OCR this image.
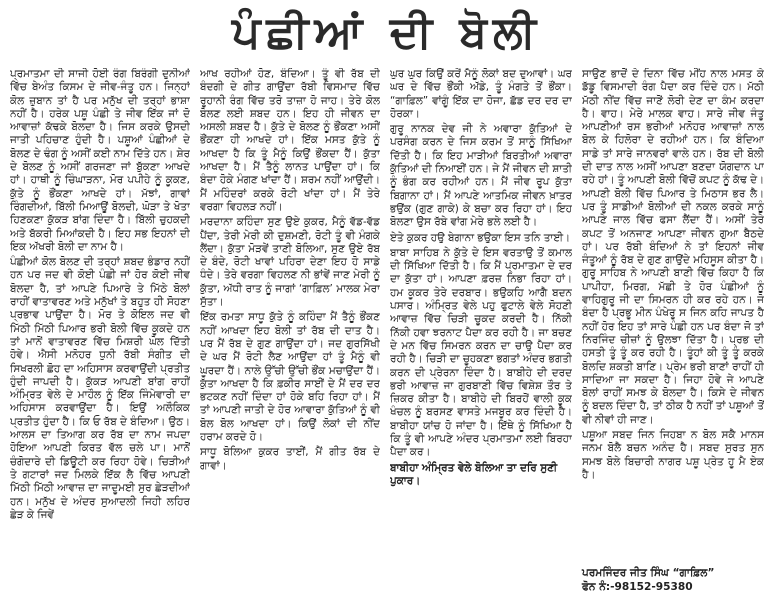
ਪੰਛੀਆਂ ਦੀ ਬੋਲੀ

ਪ੍ਰਮਾਤਮਾ ਦੀ ਸਾਜੀ ਹੋਈ ਰੰਗ ਬਿਰੰਗੀ ਦੁਨੀਆਂ ਵਿੱਚ ਬੇਅੰਤ ਕਿਸਮ ਦੇ ਜੀਵ-ਜੰਤੂ ਹਨ। ਜਿਨ੍ਹਾਂ ਕੋਲ ਜ਼ੁਬਾਨ ਤਾਂ ਹੈ ਪਰ ਮਨੁੱਖ ਦੀ ਤਰ੍ਹਾਂ ਭਾਸ਼ਾ ਨਹੀਂ ਹੈ। ਹਰੇਕ ਪਸ਼ੂ ਪੰਛੀ ਤੇ ਜੀਵ ਇੱਕ ਜਾਂ ਦੋ ਆਵਾਜ਼ਾਂ ਕੱਢਕੇ ਬੋਲਦਾ ਹੈ। ਜਿਸ ਕਰਕੇ ਉਸਦੀ ਜਾਤੀ ਪਹਿਚਾਣ ਹੁੰਦੀ ਹੈ। ਪਸ਼ੂਆਂ ਪੰਛੀਆਂ ਦੇ ਬੋਲਣ ਦੇ ਢੰਗ ਨੂੰ ਅਸੀਂ ਕਈ ਨਾਮ ਦਿੱਤੇ ਹਨ। ਸ਼ੇਰ ਦੇ ਬੋਲਣ ਨੂੰ ਅਸੀਂ ਗਰਜਣਾ ਜਾਂ ਬੁੱਕਣਾ ਆਖਦੇ ਹਾਂ। ਹਾਥੀ ਨੂੰ ਚਿੰਘਾੜਨਾ, ਮੋਰ ਪਪੀਹੇ ਨੂੰ ਕੂਕਣ, ਕੁੱਤੇ ਨੂੰ ਭੌਂਕਣਾ ਆਖਦੇ ਹਾਂ। ਮੱਝਾਂ, ਗਾਵਾਂ ਰਿੰਗਦੀਆਂ, ਬਿੱਲੀ ਮਿਆਊਂ ਬੋਲਦੀ, ਘੋੜਾ ਤੇ ਖੋਤਾ ਹਿਣਕਣਾ ਕੁੱਕੜ ਬਾਂਗ ਦਿੰਦਾ ਹੈ। ਬਿੱਲੀ ਚੁਹਕਦੀ ਅਤੇ ਬੱਕਰੀ ਮਿਆਂਕਦੀ ਹੈ। ਇਹ ਸਭ ਇਹਨਾਂ ਦੀ ਇਕ ਅੱਖਰੀ ਬੋਲੀ ਦਾ ਨਾਮ ਹੈ।

ਪੰਛੀਆਂ ਕੋਲ ਬੋਲਣ ਦੀ ਤਰ੍ਹਾਂ ਸ਼ਬਦ ਭੰਡਾਰ ਨਹੀਂ ਹਨ ਪਰ ਜਦ ਵੀ ਕੋਈ ਪੰਛੀ ਜਾਂ ਹੋਰ ਕੋਈ ਜੀਵ ਬੋਲਦਾ ਹੈ, ਤਾਂ ਆਪਣੇ ਪਿਆਰੇ ਤੇ ਮਿੱਠੇ ਬੋਲਾਂ ਰਾਹੀਂ ਵਾਤਾਵਰਣ ਅਤੇ ਮਨੁੱਖਾਂ ਤੇ ਬਹੁਤ ਹੀ ਸੋਹਣਾ ਪ੍ਰਭਾਵ ਪਾਉਂਦਾ ਹੈ। ਮੋਰ ਤੇ ਕੋਇਲ ਜਦ ਵੀ ਮਿੱਠੀ ਮਿੱਠੀ ਪਿਆਰ ਭਰੀ ਬੋਲੀ ਵਿੱਚ ਕੂਕਦੇ ਹਨ ਤਾਂ ਮਾਨੋਂ ਵਾਤਾਵਰਣ ਵਿੱਚ ਮਿਸ਼ਰੀ ਘੋਲ ਦਿੱਤੀ ਹੋਵੇ। ਐਸੀ ਮਨੋਹਰ ਧੁਨੀ ਰੱਬੀ ਸੰਗੀਤ ਦੀ ਸਿਖਰਲੀ ਛੋਹ ਦਾ ਅਹਿਸਾਸ ਕਰਵਾਉਂਦੀ ਪ੍ਰਤੀਤ ਹੁੰਦੀ ਜਾਪਦੀ ਹੈ। ਕੁੱਕੜ ਆਪਣੀ ਬਾਂਗ ਰਾਹੀਂ ਅੰਮ੍ਰਿਤ ਵੇਲੇ ਦੇ ਮਾਹੌਲ ਨੂੰ ਇੱਕ ਜਿੰਮੇਵਾਰੀ ਦਾ ਅਹਿਸਾਸ ਕਰਵਾਉਂਦਾ ਹੈ। ਇਉਂ ਅਲੌਕਿਕ ਪ੍ਰਤੀਤ ਹੁੰਦਾ ਹੈ। ਕਿ ਓ ਰੱਬ ਦੇ ਬੰਦਿਆ। ਉਠ। ਆਲਸ ਦਾ ਤਿਆਗ ਕਰ ਰੱਬ ਦਾ ਨਾਮ ਜਪਦਾ ਹੋਇਆ ਆਪਣੀ ਕਿਰਤ ਵੱਲ ਚਲੇ ਪਾ। ਮਾਨੋਂ ਚੰਗੋਦਾਰੇ ਦੀ ਡਿਊਟੀ ਕਰ ਰਿਹਾ ਹੋਵੇ। ਚਿੜੀਆਂ ਤੇ ਗਟਾਰਾਂ ਜਦ ਮਿਲਕੇ ਇੱਕ ਲੈ ਵਿੱਚ ਆਪਣੀ ਮਿੱਠੀ ਮਿੱਠੀ ਆਵਾਜ਼ ਦਾ ਜਾਦੂਮਈ ਸੁਰ ਛੇੜਦੀਆਂ ਹਨ। ਮਨੁੱਖ ਦੇ ਅੰਦਰ ਸੁਆਦਲੀ ਜਿਹੀ ਲਹਿਰ ਛੇੜ ਕੇ ਜਿਵੇਂ

ਆਖ ਰਹੀਆਂ ਹੋਣ, ਬੰਦਿਆ। ਤੂੰ ਵੀ ਰੱਬ ਦੀ ਬੰਦਗੀ ਦੇ ਗੀਤ ਗਾਉਂਦਾ ਰੱਬੀ ਵਿਸਮਾਦ ਵਿੱਚ ਰੂਹਾਨੀ ਰੰਗ ਵਿੱਚ ਤਰੋ ਤਾਜ਼ਾ ਹੋ ਜਾਹ। ਤੇਰੇ ਕੋਲ ਬੋਲਣ ਲਈ ਸ਼ਬਦ ਹਨ। ਇਹ ਹੀ ਜੀਵਨ ਦਾ ਅਸਲੀ ਸ਼ਬਦ ਹੈ। ਕੁੱਤੇ ਦੇ ਬੋਲਣ ਨੂੰ ਭੌਂਕਣਾ ਅਸੀਂ ਭੌਂਕਣਾ ਹੀ ਆਖਦੇ ਹਾਂ। ਇੱਕ ਮਸਤ ਕੁੱਤੇ ਨੂੰ ਆਖਦਾ ਹੈ ਕਿ ਤੂੰ ਮੈਨੂੰ ਕਿਉਂ ਭੌਂਕਦਾ ਹੈਂ। ਕੁੱਤਾ ਆਖਦਾ ਹੈ। ਮੈਂ ਤੈਨੂੰ ਲਾਨਤ ਪਾਉਂਦਾ ਹਾਂ। ਕਿ ਬੰਦਾ ਹੋਕੇ ਮੰਗਣ ਖਾਂਦਾ ਹੈਂ। ਸ਼ਰਮ ਨਹੀਂ ਆਉਂਦੀ। ਮੈਂ ਮਹਿੰਦਰਾਂ ਕਰਕੇ ਰੋਟੀ ਖਾਂਦਾ ਹਾਂ। ਮੈਂ ਤੇਰੇ ਵਰਗਾ ਵਿਹਲੜ ਨਹੀਂ।

ਮਰਦਾਨਾ ਕਹਿੰਦਾ ਸੁਣ ਉਏ ਕੁਕਰ, ਮੈਨੂੰ ਵੱਡ-ਵੱਡ ਪੈਂਦਾ, ਤੇਰੀ ਮੇਰੀ ਕੀ ਦੁਸ਼ਮਣੀ, ਰੋਟੀ ਤੂੰ ਵੀ ਮੰਗਕੇ ਲੈਂਦਾ। ਕੁੱਤਾ ਮੋੜਵੇਂ ਤਾਣੀ ਬੋਲਿਆ, ਸੁਣ ਉਏ ਰੱਬ ਦੇ ਬੰਦੇ, ਰੋਟੀ ਖਾਵਾਂ ਪਹਿਰਾ ਦੇਣਾ ਇਹ ਹੋ ਸਾਡੇ ਧੰਦੇ। ਤੇਰੇ ਵਰਗਾ ਵਿਹਲਣ ਨੀ ਭਾਂਵੇਂ ਜਾਣ ਮੇਰੀ ਨੂੰ ਕੁੱਤਾ, ਅੱਧੀ ਰਾਤ ਨੂੰ ਜਾਗਾਂ ‘ਗਾਫ਼ਿਲ’ ਮਾਲਕ ਮੇਰਾ ਸੁੱਤਾ।

ਇੱਕ ਰਮਤਾ ਸਾਧੂ ਕੁੱਤੇ ਨੂੰ ਕਹਿੰਦਾ ਮੈਂ ਤੈਨੂੰ ਭੌਂਕਣ ਨਹੀਂ ਆਖਦਾ ਇਹ ਬੋਲੀ ਤਾਂ ਰੱਬ ਦੀ ਦਾਤ ਹੈ। ਪਰ ਮੈਂ ਰੱਬ ਦੇ ਗੁਣ ਗਾਉਂਦਾ ਹਾਂ। ਜਦ ਗੁਰਸਿੱਖੀ ਦੇ ਘਰ ਮੈਂ ਰੋਟੀ ਲੈਣ ਆਉਂਦਾ ਹਾਂ ਤੂੰ ਮੈਨੂੰ ਵੀ ਘੂਰਦਾ ਹੈਂ। ਨਾਲੇ ਉੱਚੀ ਉੱਚੀ ਭੌਂਕ ਮਚਾਉਂਦਾ ਹੈਂ। ਕੁੱਤਾ ਆਖਦਾ ਹੈ ਕਿ ਫ਼ਕੀਰ ਸਾਈਂ ਦੇ ਮੈਂ ਦਰ ਦਰ ਭਟਕਣ ਨਹੀਂ ਦਿੰਦਾ ਹਾਂ ਹੋਕੇ ਬਹਿ ਰਿਹਾ ਹਾਂ। ਮੈਂ ਤਾਂ ਆਪਣੀ ਜਾਤੀ ਦੇ ਹੋਰ ਆਵਾਰਾ ਕੁੱਤਿਆਂ ਨੂੰ ਵੀ ਬੋਲ ਬੋਲ ਆਖਦਾ ਹਾਂ। ਕਿਉਂ ਲੋਕਾਂ ਦੀ ਨੀਂਦ ਹਰਾਮ ਕਰਦੇ ਹੋ।

ਸਾਧੂ ਬੋਲਿਆ ਕੁਕਰ ਤਾਈਂ, ਮੈਂ ਗੀਤ ਰੱਬ ਦੇ ਗਾਵਾਂ।

ਘੁਰ ਘੁਰ ਕਿਉਂ ਕਰੇਂ ਮੈਨੂੰ ਲੋਕਾਂ ਬਦ ਦੁਆਵਾਂ। ਘਰ ਘਰ ਦੇ ਵਿੱਚ ਭੌਂਕੀ ਅੱਡੇ, ਤੂੰ ਮੰਗਤੇ ਤੋਂ ਭੌਂਕਾ। “ਗਾਫ਼ਿਲ” ਵਾਂਗੂੰ ਇੱਕ ਦਾ ਹੋਜਾ, ਛੱਡ ਦਰ ਦਰ ਦਾ ਹੋਰਕਾ।

ਗੁਰੂ ਨਾਨਕ ਦੇਵ ਜੀ ਨੇ ਅਵਾਰਾ ਕੁੱਤਿਆਂ ਦੇ ਪਰਸੰਗ ਕਰਨ ਦੇ ਜਿਸ ਕਰਮ ਤੋਂ ਸਾਨੂੰ ਸਿੱਖਿਆ ਦਿੱਤੀ ਹੈ। ਕਿ ਇਹ ਮਾੜੀਆਂ ਬਿਰਤੀਆਂ ਅਵਾਰਾ ਕੁੱਤਿਆਂ ਦੀ ਨਿਆਈਂ ਹਨ। ਜੇ ਮੈਂ ਜੀਵਨ ਦੀ ਸ਼ਾਤੀ ਨੂੰ ਭੰਗ ਕਰ ਰਹੀਆਂ ਹਨ। ਮੈਂ ਜੀਵ ਰੂਪ ਕੁੱਤਾ ਬਿਗਾਨਾ ਹਾਂ। ਮੈਂ ਆਪਣੇ ਆਤਮਿਕ ਜੀਵਨ ਖ਼ਾਤਰ ਭਉਂਕ (ਗੁਣ ਗਾਕੇ) ਕੇ ਬਚਾ ਕਰ ਰਿਹਾ ਹਾਂ। ਇਹ ਬੋਲਣਾ ਉਸ ਰੱਬੇ ਵਾਂਗ ਮੇਰੇ ਭਲੇ ਲਈ ਹੈ।

ਏਤੇ ਕੁਕਰ ਹਉ ਬੇਗਾਨਾ ਭਉਕਾ ਇਸ ਤਨਿ ਤਾਈ।

ਬਾਬਾ ਸਾਹਿਬ ਨੇ ਕੁੱਤੇ ਦੇ ਇਸ ਵਰਤਾਉ ਤੋਂ ਕਮਾਲ ਦੀ ਸਿੱਖਿਆ ਦਿੱਤੀ ਹੈ। ਕਿ ਮੈਂ ਪ੍ਰਮਾਤਮਾ ਦੇ ਦਰ ਦਾ ਕੁੱਤਾ ਹਾਂ। ਆਪਣਾ ਫ਼ਰਜ਼ ਨਿਭਾ ਰਿਹਾ ਹਾਂ। ਹਮ ਕੂਕਰ ਤੇਰੇ ਦਰਬਾਰ। ਭਉਕਹਿ ਆਗੈ ਬਦਨ ਪਸਾਰ। ਅੰਮ੍ਰਿਤ ਵੇਲੇ ਪਹੁ ਫੁਟਾਲੇ ਵੇਲੇ ਸੋਹਣੀ ਆਵਾਜ਼ ਵਿੱਚ ਚਿੜੀ ਚੂਕਦ ਕਰਦੀ ਹੈ। ਨਿੱਕੀ ਨਿੱਕੀ ਹਵਾ ਝਰਨਾਟ ਪੈਦਾ ਕਰ ਰਹੀ ਹੈ। ਜਾ ਬਚਣ ਦੇ ਮਨ ਵਿੱਚ ਸਿਮਰਨ ਕਰਨ ਦਾ ਚਾਉ ਪੈਦਾ ਕਰ ਰਹੀ ਹੈ। ਚਿੜੀ ਦਾ ਚੂਹਕਣਾ ਭਗਤਾਂ ਅੰਦਰ ਭਗਤੀ ਕਰਨ ਦੀ ਪ੍ਰੇਰਨਾ ਦਿੰਦਾ ਹੈ। ਬਾਬੀਹੇ ਦੀ ਦਰਦ ਭਰੀ ਆਵਾਜ਼ ਜਾ ਗੁਰਬਾਣੀ ਵਿੱਚ ਵਿਸ਼ੇਸ਼ ਤੌਰ ਤੇ ਜ਼ਿਕਰ ਕੀਤਾ ਹੈ। ਬਾਬੀਹੇ ਦੀ ਬਿਰਹੋਂ ਵਾਲੀ ਕੂਕ ਖੰਚਲ ਨੂੰ ਬਰਸਣ ਵਾਸਤੇ ਮਜਬੂਰ ਕਰ ਦਿੰਦੀ ਹੈ। ਬਾਬੀਹਾ ਯਾਂਚ ਹੋ ਜਾਂਦਾ ਹੈ। ਇੱਥੇ ਨੂੰ ਸਿੱਖਿਆ ਹੈ ਕਿ ਤੂੰ ਵੀ ਆਪਣੇ ਅੰਦਰ ਪ੍ਰਮਾਤਮਾ ਲਈ ਬਿਰਹਾ ਪੈਦਾ ਕਰ।

ਬਾਬੀਹਾ ਅੰਮ੍ਰਿਤ ਵੇਲੇ ਬੋਲਿਆ ਤਾ ਦਰਿ ਸੁਣੀ ਪੁਕਾਰ।

ਸਾਉਣ ਭਾਦੋਂ ਦੇ ਦਿਨਾ ਵਿੱਚ ਮੀਂਹ ਨਾਲ ਮਸਤ ਕੇ ਡੱਡੂ ਵਿਸਮਾਦੀ ਰੰਗ ਪੈਦਾ ਕਰ ਦਿੰਦੇ ਹਨ। ਮੱਠੀ ਮੱਠੀ ਨੀਂਦ ਵਿੱਚ ਜਾਣੋਂ ਲੋਰੀ ਦੇਣ ਦਾ ਕੰਮ ਕਰਦਾ ਹੈ। ਵਾਹ। ਮੇਰੇ ਮਾਲਕ ਵਾਹ। ਸਾਰੇ ਜੀਵ ਜੰਤੂ ਆਪਣੀਆਂ ਰਸ ਭਰੀਆਂ ਮਨੋਹਰ ਆਵਾਜ਼ਾਂ ਨਾਲ ਬੋਲ ਕੇ ਹਿਲੋਰਾ ਦੇ ਰਹੀਆਂ ਹਨ। ਕਿ ਬੰਦਿਆ ਸਾਡੇ ਤਾਂ ਸਾਰੇ ਜਾਨਵਰਾਂ ਵਾਲੇ ਹਨ। ਰੱਬ ਦੀ ਬੋਲੀ ਦੀ ਦਾਤ ਨਾਲ ਅਸੀਂ ਆਪਣਾ ਬਣਦਾ ਯੋਗਦਾਨ ਪਾ ਰਹੇ ਹਾਂ। ਤੂੰ ਆਪਣੀ ਬੋਲੀ ਵਿੱਚੋਂ ਕਪਟ ਨੂੰ ਕੱਢ ਦੇ। ਆਪਣੀ ਬੋਲੀ ਵਿੱਚ ਪਿਆਰ ਤੇ ਮਿਠਾਸ ਭਰ ਲੈ। ਪਰ ਤੂੰ ਸਾਡੀਆਂ ਬੋਲੀਆਂ ਦੀ ਨਕਲ ਕਰਕੇ ਸਾਨੂੰ ਆਪਣੇ ਜਾਲ ਵਿੱਚ ਫਸਾ ਲੈਂਦਾ ਹੈਂ। ਅਸੀਂ ਤੇਰੇ ਕਪਟ ਤੋਂ ਅਨਜਾਣ ਆਪਣਾ ਜੀਵਨ ਗੁਆ ਬੈਠਦੇ ਹਾਂ। ਪਰ ਰੱਬੀ ਬੰਦਿਆਂ ਨੇ ਤਾਂ ਇਹਨਾਂ ਜੀਵ ਜੰਤੂਆਂ ਨੂੰ ਰੱਬ ਦੇ ਗੁਣ ਗਾਉਂਦੇ ਮਹਿਸੂਸ ਕੀਤਾ ਹੈ। ਗੁਰੂ ਸਾਹਿਬ ਨੇ ਆਪਣੀ ਬਾਣੀ ਵਿੱਚ ਕਿਹਾ ਹੈ ਕਿ ਪਾਪੀਹਾ, ਮਿਰਗ, ਮੱਛੀ ਤੇ ਹੋਰ ਪੰਛੀਆਂ ਨੂੰ ਵਾਹਿਗੁਰੂ ਜੀ ਦਾ ਸਿਮਰਨ ਹੀ ਕਰ ਰਹੇ ਹਨ। ਜੋ ਬੰਦਾ ਹੈ ਪ੍ਰਭੂ ਮੀਨ ਪੰਖੇਰੂ ਸ ਜਿਨ ਕਹਿ ਜਾਪਤ ਹੈ ਨਹੀਂ ਹੋਰ ਇਹ ਤਾਂ ਸਾਰੇ ਪੰਛੀ ਹਨ ਪਰ ਬੰਦਾ ਜੋ ਤਾਂ ਨਿਰਜਿੰਦ ਚੀਜ਼ਾਂ ਨੂੰ ਉਲਝਾ ਦਿੱਤਾ ਹੈ। ਪ੍ਰਭ ਦੀ ਹਸਤੀ ਤੂੰ ਤੂੰ ਕਰ ਰਹੀ ਹੈ। ਤੂੰਹਾਂ ਕੀ ਤੂੰ ਤੂੰ ਕਰਕੇ ਬੋਲਦਿ ਸ਼ਕਤੀ ਬਾਣਿ। ਪ੍ਰੇਮ ਭਰੀ ਬਾਣਾਂ ਰਾਹੀਂ ਹੀ ਸਾਦਿਆ ਜਾ ਸਕਦਾ ਹੈ। ਜਿਹਾ ਹੋਵੇ ਜੇ ਆਪਣੇ ਬੋਲਾਂ ਰਾਹੀਂ ਸਮਝ ਕੇ ਬੋਲਦਾ ਹੈ। ਕਿਸੇ ਦੇ ਜੀਵਨ ਨੂੰ ਬਦਲ ਦਿੰਦਾ ਹੈ, ਤਾਂ ਠੀਕ ਹੈ ਨਹੀਂ ਤਾਂ ਪਸ਼ੂਆਂ ਤੋਂ ਵੀ ਨੀਵਾਂ ਹੀ ਜਾਣ।

ਪਸ਼ੂਆ ਸਬਦ ਜਿਨ ਜਿਹਬਾ ਨ ਬੋਲ ਸਕੈ ਮਾਨਸ ਜਨਮ ਬੋਲੈ ਬਚਨ ਅਨੰਦ ਹੈ। ਸਬਦ ਸੁਰਤ ਸੁਨ ਸਮਝ ਬੋਲੇ ਬਿਚਾਰੀ ਨਾਗਰ ਪਸ਼ੂ ਪ੍ਰੇਤ ਹੂ ਮੈ ਏਕ ਹੈ।

ਪਰਮਜਿੰਦਰ ਜੀਤ ਸਿੰਘ “ਗਾਫ਼ਿਲ”
ਫੋਨ ਨੰ:-98152-95380
